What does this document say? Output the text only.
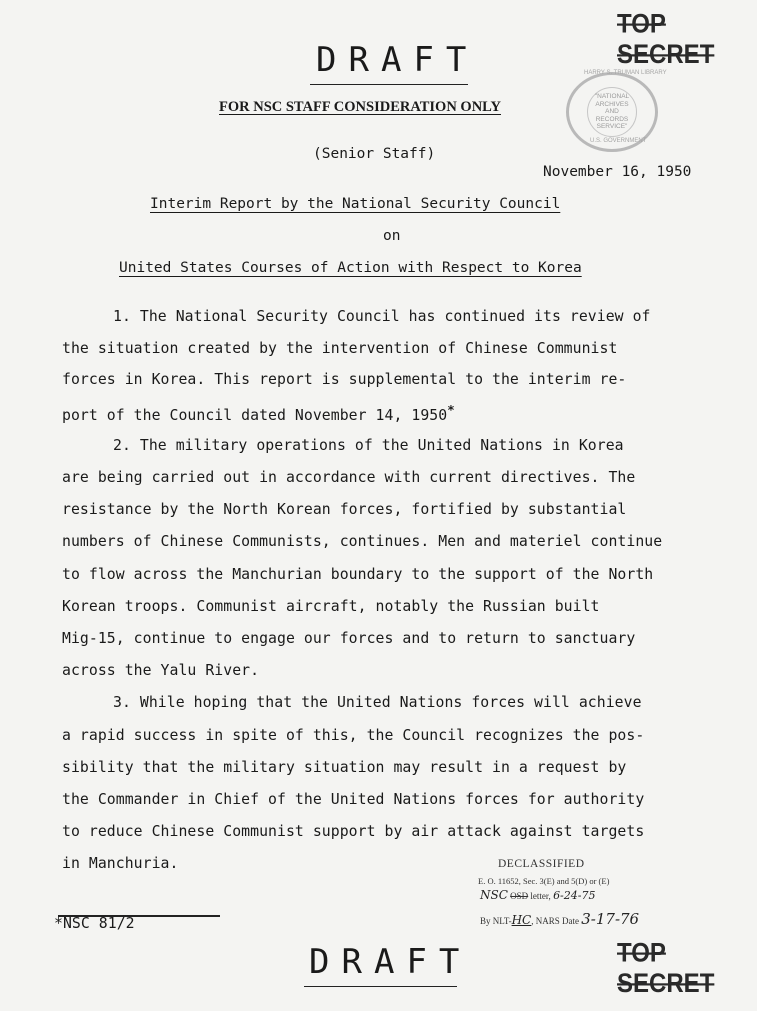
TOP SECRET
DRAFT
FOR NSC STAFF CONSIDERATION ONLY
"NATIONAL
ARCHIVES AND
RECORDS
SERVICE"
HARRY S. TRUMAN LIBRARY
U.S. GOVERNMENT
(Senior Staff)
November 16, 1950
Interim Report by the National Security Council
on
United States Courses of Action with Respect to Korea
1. The National Security Council has continued its review of
the situation created by the intervention of Chinese Communist
forces in Korea. This report is supplemental to the interim re-
port of the Council dated November 14, 1950*
2. The military operations of the United Nations in Korea
are being carried out in accordance with current directives. The
resistance by the North Korean forces, fortified by substantial
numbers of Chinese Communists, continues. Men and materiel continue
to flow across the Manchurian boundary to the support of the North
Korean troops. Communist aircraft, notably the Russian built
Mig-15, continue to engage our forces and to return to sanctuary
across the Yalu River.
3. While hoping that the United Nations forces will achieve
a rapid success in spite of this, the Council recognizes the pos-
sibility that the military situation may result in a request by
the Commander in Chief of the United Nations forces for authority
to reduce Chinese Communist support by air attack against targets
in Manchuria.	DECLASSIFIED
E. O. 11652, Sec. 3(E) and 5(D) or (E)
NSC OSD letter, 6-24-75
By NLT-HC, NARS Date 3-17-76
*NSC 81/2
DRAFT	TOP SECRET
